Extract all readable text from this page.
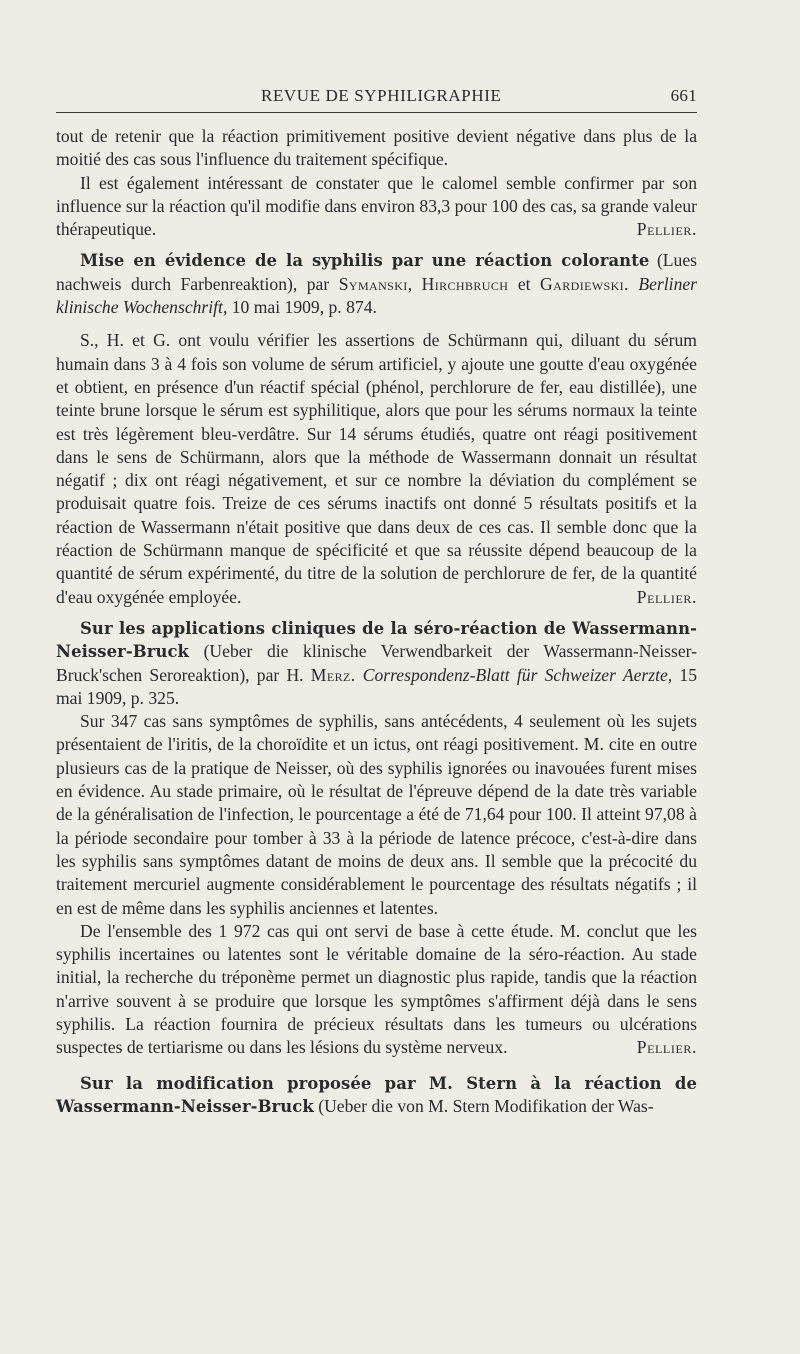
REVUE DE SYPHILIGRAPHIE	661

tout de retenir que la réaction primitivement positive devient négative dans plus de la moitié des cas sous l'influence du traitement spécifique.

Il est également intéressant de constater que le calomel semble confirmer par son influence sur la réaction qu'il modifie dans environ 83,3 pour 100 des cas, sa grande valeur thérapeutique.	Pellier.

Mise en évidence de la syphilis par une réaction colorante (Lues nachweis durch Farbenreaktion), par Symanski, Hirchbruch et Gardiewski. Berliner klinische Wochenschrift, 10 mai 1909, p. 874.

S., H. et G. ont voulu vérifier les assertions de Schürmann qui, diluant du sérum humain dans 3 à 4 fois son volume de sérum artificiel, y ajoute une goutte d'eau oxygénée et obtient, en présence d'un réactif spécial (phénol, perchlorure de fer, eau distillée), une teinte brune lorsque le sérum est syphilitique, alors que pour les sérums normaux la teinte est très légèrement bleu-verdâtre. Sur 14 sérums étudiés, quatre ont réagi positivement dans le sens de Schürmann, alors que la méthode de Wassermann donnait un résultat négatif ; dix ont réagi négativement, et sur ce nombre la déviation du complément se produisait quatre fois. Treize de ces sérums inactifs ont donné 5 résultats positifs et la réaction de Wassermann n'était positive que dans deux de ces cas. Il semble donc que la réaction de Schürmann manque de spécificité et que sa réussite dépend beaucoup de la quantité de sérum expérimenté, du titre de la solution de perchlorure de fer, de la quantité d'eau oxygénée employée.	Pellier.

Sur les applications cliniques de la séro-réaction de Wassermann-Neisser-Bruck (Ueber die klinische Verwendbarkeit der Wassermann-Neisser-Bruck'schen Seroreaktion), par H. Merz. Correspondenz-Blatt für Schweizer Aerzte, 15 mai 1909, p. 325.

Sur 347 cas sans symptômes de syphilis, sans antécédents, 4 seulement où les sujets présentaient de l'iritis, de la choroïdite et un ictus, ont réagi positivement. M. cite en outre plusieurs cas de la pratique de Neisser, où des syphilis ignorées ou inavouées furent mises en évidence. Au stade primaire, où le résultat de l'épreuve dépend de la date très variable de la généralisation de l'infection, le pourcentage a été de 71,64 pour 100. Il atteint 97,08 à la période secondaire pour tomber à 33 à la période de latence précoce, c'est-à-dire dans les syphilis sans symptômes datant de moins de deux ans. Il semble que la précocité du traitement mercuriel augmente considérablement le pourcentage des résultats négatifs ; il en est de même dans les syphilis anciennes et latentes.

De l'ensemble des 1 972 cas qui ont servi de base à cette étude. M. conclut que les syphilis incertaines ou latentes sont le véritable domaine de la séro-réaction. Au stade initial, la recherche du tréponème permet un diagnostic plus rapide, tandis que la réaction n'arrive souvent à se produire que lorsque les symptômes s'affirment déjà dans le sens syphilis. La réaction fournira de précieux résultats dans les tumeurs ou ulcérations suspectes de tertiarisme ou dans les lésions du système nerveux.	Pellier.

Sur la modification proposée par M. Stern à la réaction de Wassermann-Neisser-Bruck (Ueber die von M. Stern Modifikation der Was-
